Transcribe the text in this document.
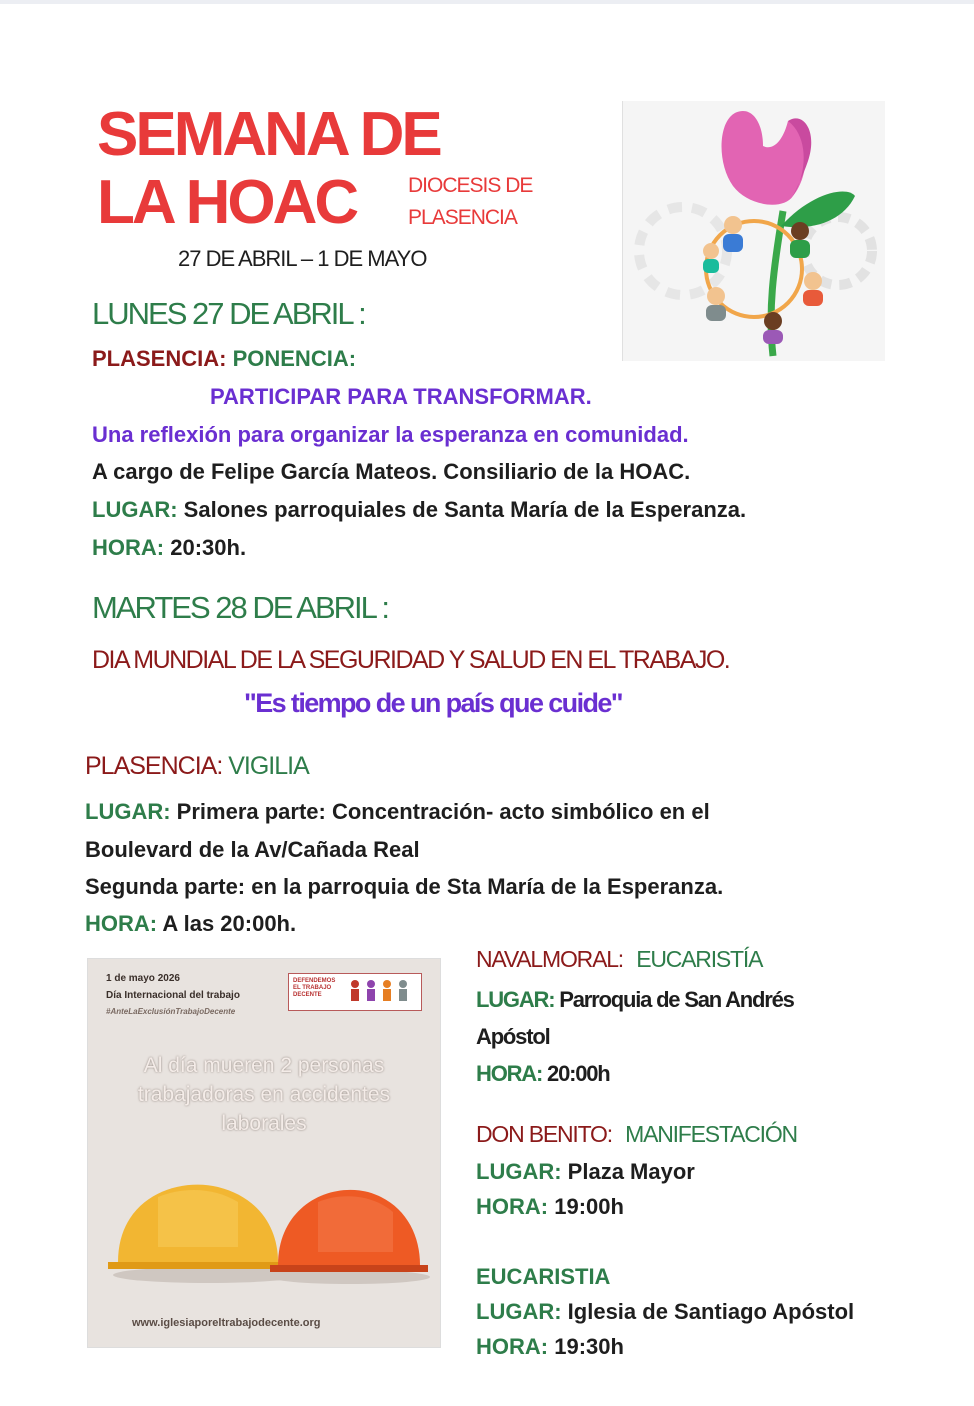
SEMANA DE
LA HOAC DIOCESIS DE
PLASENCIA
27 DE ABRIL – 1 DE MAYO
LUNES 27 DE ABRIL :
PLASENCIA: PONENCIA:
PARTICIPAR PARA TRANSFORMAR.
Una reflexión para organizar la esperanza en comunidad.
A cargo de Felipe García Mateos. Consiliario de la HOAC.
LUGAR: Salones parroquiales de Santa María de la Esperanza.
HORA: 20:30h.
MARTES 28 DE ABRIL :
DIA MUNDIAL DE LA SEGURIDAD Y SALUD EN EL TRABAJO.
"Es tiempo de un país que cuide"
PLASENCIA: VIGILIA
LUGAR: Primera parte: Concentración- acto simbólico en el
Boulevard de la Av/Cañada Real
Segunda parte: en la parroquia de Sta María de la Esperanza.
HORA: A las 20:00h.
1 de mayo 2026
Día Internacional del trabajo
#AnteLaExclusiónTrabajoDecente
DEFENDEMOS EL TRABAJO DECENTE
Al día mueren 2 personas
trabajadoras en accidentes
laborales
www.iglesiaporeltrabajodecente.org
NAVALMORAL: EUCARISTÍA
LUGAR: Parroquia de San Andrés
Apóstol
HORA: 20:00h
DON BENITO: MANIFESTACIÓN
LUGAR: Plaza Mayor
HORA: 19:00h
EUCARISTIA
LUGAR: Iglesia de Santiago Apóstol
HORA: 19:30h
